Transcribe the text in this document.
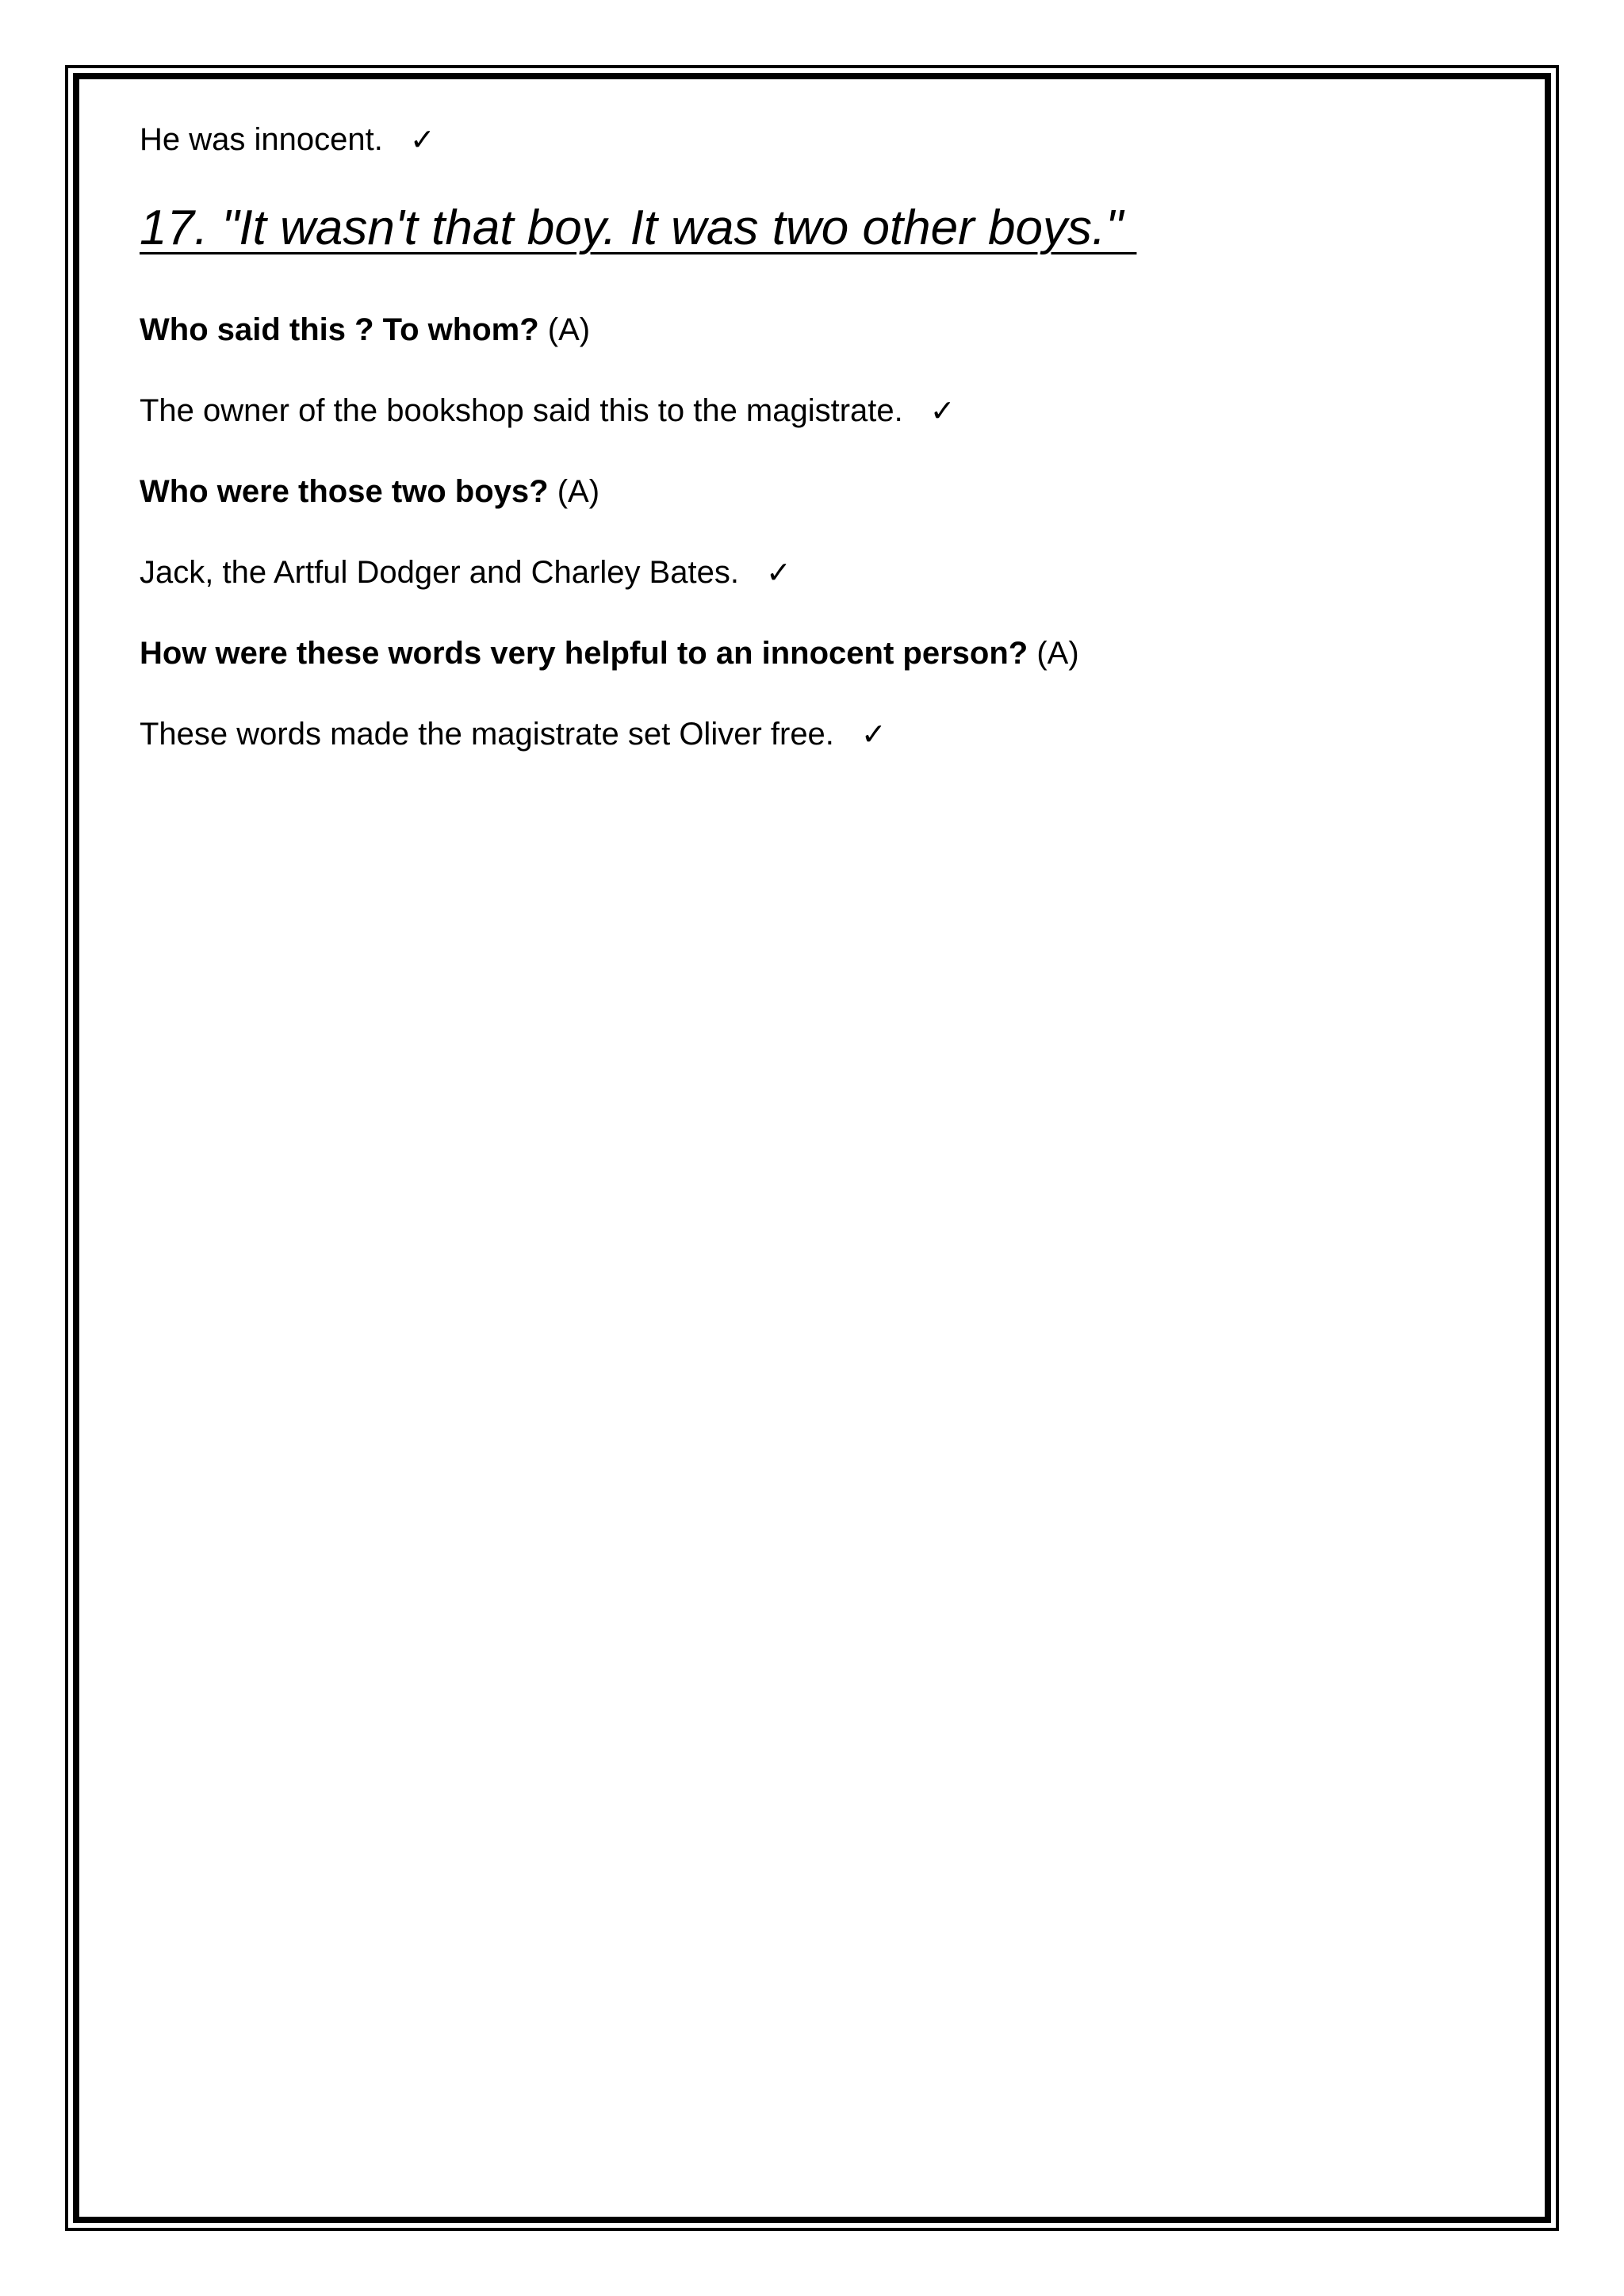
He was innocent. ✓
17. "It wasn't that boy. It was two other boys."
Who said this ? To whom? (A)
The owner of the bookshop said this to the magistrate. ✓
Who were those two boys? (A)
Jack, the Artful Dodger and Charley Bates. ✓
How were these words very helpful to an innocent person? (A)
These words made the magistrate set Oliver free. ✓
